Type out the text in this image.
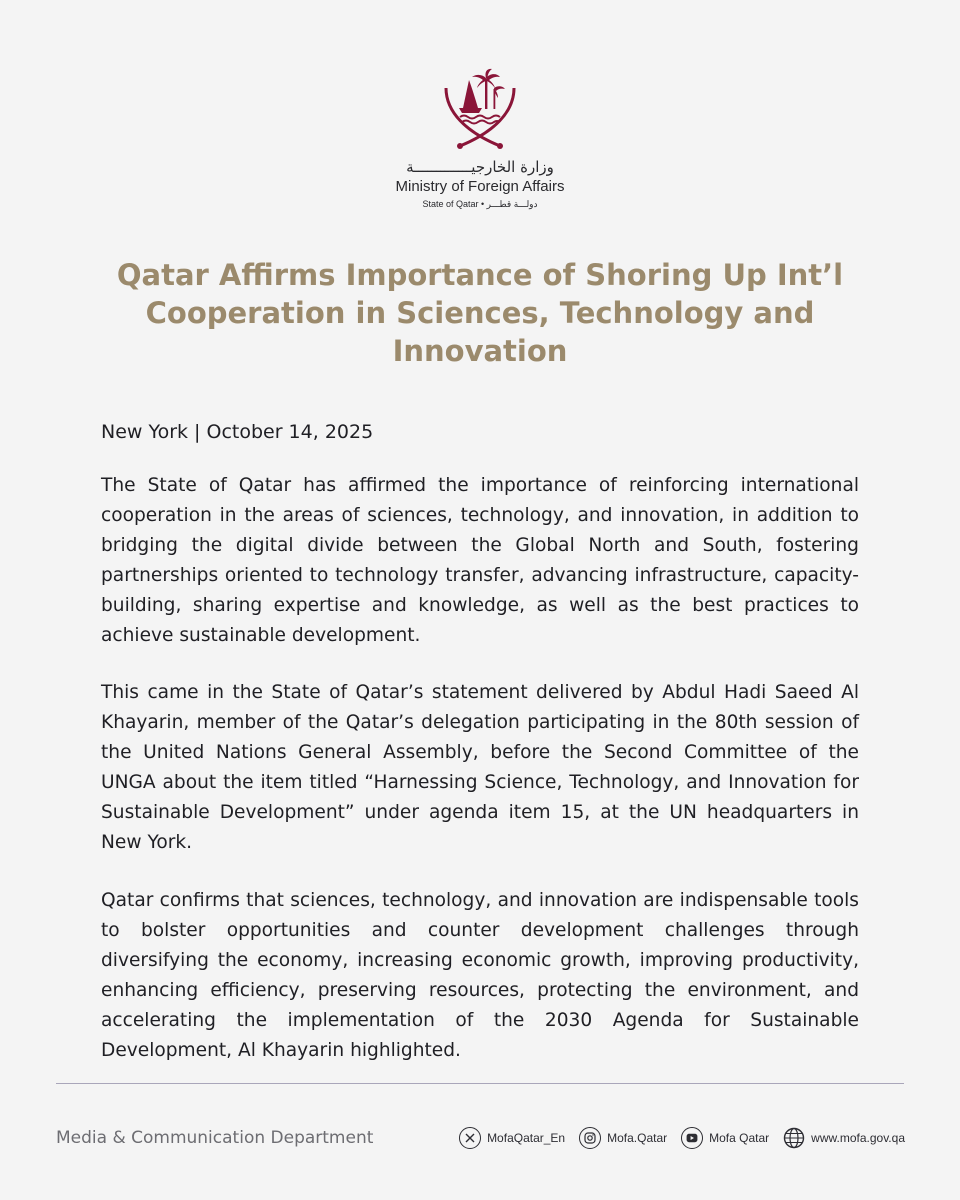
وزارة الخارجيـــــــــــــة
Ministry of Foreign Affairs
State of Qatar • دولـــة قطـــر
Qatar Affirms Importance of Shoring Up Int’l Cooperation in Sciences, Technology and Innovation
New York | October 14, 2025

The State of Qatar has affirmed the importance of reinforcing international cooperation in the areas of sciences, technology, and innovation, in addition to bridging the digital divide between the Global North and South, fostering partnerships oriented to technology transfer, advancing infrastructure, capacity-building, sharing expertise and knowledge, as well as the best practices to achieve sustainable development.

This came in the State of Qatar’s statement delivered by Abdul Hadi Saeed Al Khayarin, member of the Qatar’s delegation participating in the 80th session of the United Nations General Assembly, before the Second Committee of the UNGA about the item titled “Harnessing Science, Technology, and Innovation for Sustainable Development” under agenda item 15, at the UN headquarters in New York.

Qatar confirms that sciences, technology, and innovation are indispensable tools to bolster opportunities and counter development challenges through diversifying the economy, increasing economic growth, improving productivity, enhancing efficiency, preserving resources, protecting the environment, and accelerating the implementation of the 2030 Agenda for Sustainable Development, Al Khayarin highlighted.

Media & Communication Department	MofaQatar_En	Mofa.Qatar	Mofa Qatar	www.mofa.gov.qa
